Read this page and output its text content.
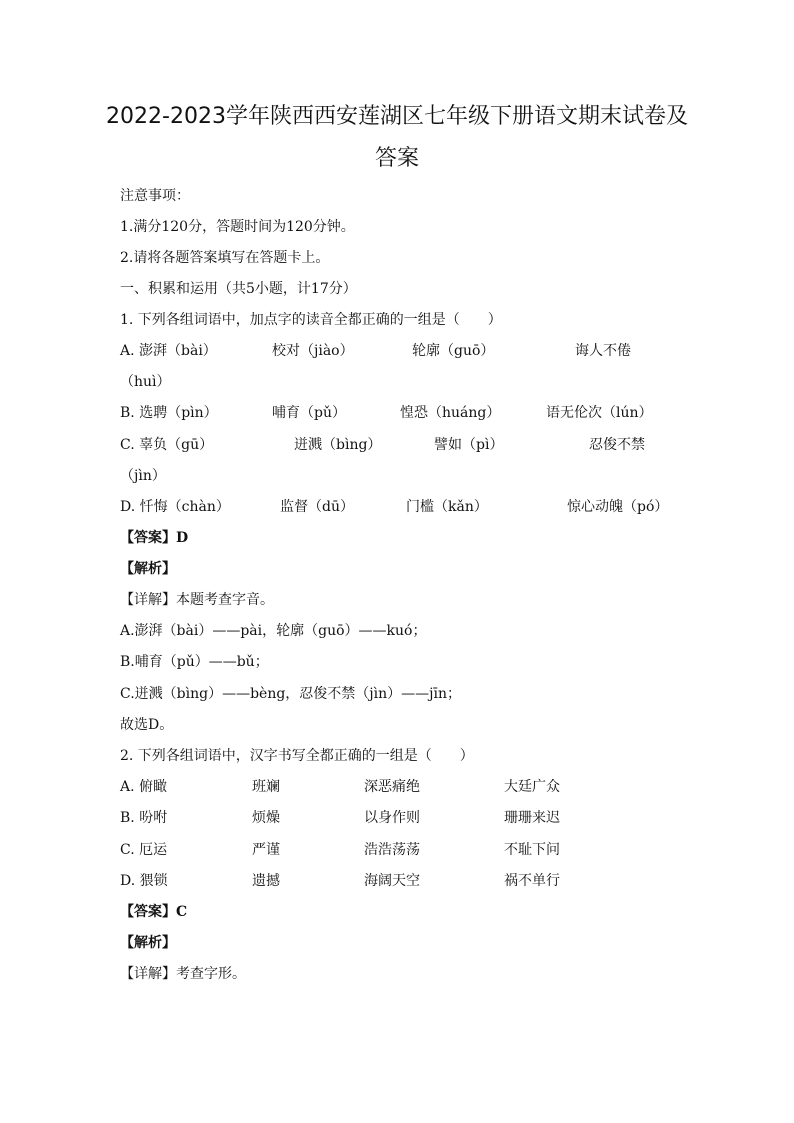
2022-2023学年陕西西安莲湖区七年级下册语文期末试卷及
答案
注意事项：
1.满分120分，答题时间为120分钟。
2.请将各题答案填写在答题卡上。
一、积累和运用（共5小题，计17分）
1. 下列各组词语中，加点字的读音全都正确的一组是（　　）
A. 澎湃（bài）	校对（jiào）	轮廓（guō）	诲人不倦
（huì）
B. 选聘（pìn）	哺育（pǔ）	惶恐（huáng）	语无伦次（lún）
C. 辜负（gū）	迸溅（bìng）	譬如（pì）	忍俊不禁
（jìn）
D. 忏悔（chàn）	监督（dū）	门槛（kǎn）	惊心动魄（pó）
【答案】D
【解析】
【详解】本题考查字音。
A.澎湃（bài）——pài，轮廓（guō）——kuó；
B.哺育（pǔ）——bǔ；
C.迸溅（bìng）——bèng，忍俊不禁（jìn）——jīn；
故选D。
2. 下列各组词语中，汉字书写全都正确的一组是（　　）
A. 俯瞰	班斓	深恶痛绝	大廷广众
B. 吩咐	烦燥	以身作则	珊珊来迟
C. 厄运	严谨	浩浩荡荡	不耻下问
D. 猥锁	遗撼	海阔天空	祸不单行
【答案】C
【解析】
【详解】考查字形。
